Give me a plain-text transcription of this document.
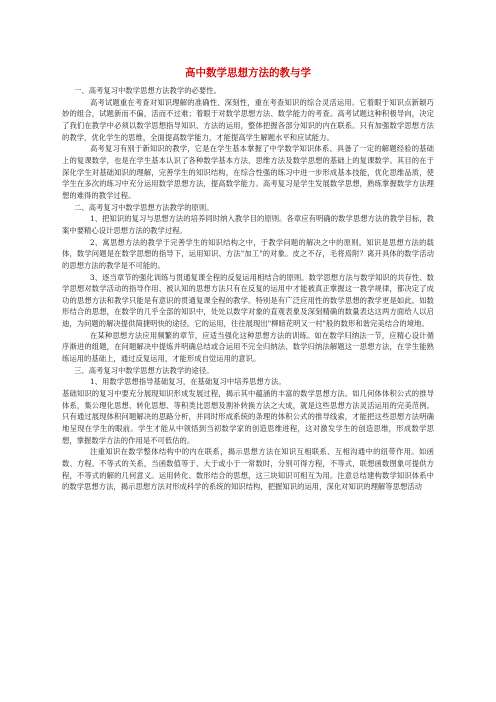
高中数学思想方法的教与学

一、高考复习中数学思想方法教学的必要性。

高考试题重在考查对知识理解的准确性、深刻性，重在考查知识的综合灵活运用。它着眼于知识点新颖巧妙的组合，试题新而不偏，活而不过难；着眼于对数学思想方法、数学能力的考查。高考试题这种积极导向，决定了我们在教学中必须以数学思想指导知识、方法的运用，整体把握各部分知识的内在联系。只有加强数学思想方法的教学，优化学生的思维，全面提高数学能力，才能提高学生解题水平和应试能力。

高考复习有别于新知识的教学，它是在学生基本掌握了中学数学知识体系、具备了一定的解题经验的基础上的复课数学，也是在学生基本认识了各种数学基本方法、思维方法及数学思想的基础上的复课数学。其目的在于深化学生对基础知识的理解，完善学生的知识结构，在综合性强的练习中进一步形成基本技能，优化思维品质，使学生在多次的练习中充分运用数学思想方法，提高数学能力。高考复习是学生发展数学思想，熟练掌握数学方法理想的难得的教学过程。

二、高考复习中数学思想方法教学的原则。

1、把知识的复习与思想方法的培养同时纳入教学目的原则。各章应有明确的数学思想方法的教学目标，教案中要精心设计思想方法的教学过程。

2、寓思想方法的教学于完善学生的知识结构之中，于教学问题的解决之中的原则。知识是思想方法的载体，数学问题是在数学思想的指导下，运用知识、方法"加工"的对象。皮之不存，毛将焉附？离开具体的数学活动的思想方法的教学是不可能的。

3、逐当章节的强化训练与贯通复课全程的反复运用相结合的原则。数学思想方法与数学知识的共存性、数学思想对数学活动的指导作用、被认知的思想方法只有在反复的运用中才能被真正掌握这一教学规律，都决定了成功的思想方法和教学只能是有意识的贯通复课全程的教学。特别是有广泛应用性的数学思想的教学更是如此。如数形结合的思想，在数学的几乎全部的知识中，处处以数学对象的直观表象及深刻精确的数量表达这两方面给人以启迪，为问题的解决提供简捷明快的途径。它的运用，往往展现出"柳暗花明又一村"般的数形和谐完美结合的境地。

在某种思想方法应用频繁的章节，应适当强化这种思想方法的训练。如在数学归纳法一节，应精心设计循序渐进的组题，在问题解决中提炼并明确总结或合运用不完全归纳法、数学归纳法解题这一思想方法，在学生能熟练运用的基础上，通过反复运用，才能形成自觉运用的意识。

三、高考复习中数学思想方法教学的途径。

1、用数学思想指导基础复习，在基础复习中培养思想方法。

基础知识的复习中要充分展现知识形成发展过程，揭示其中蕴涵的丰富的数学思想方法。如几何体体积公式的推导体系，集公理化思想、转化思想、等积类比思想及割补转换方法之大成，就是这些思想方法灵活运用的完美范例。只有通过展现体积问题解决的思路分析，并同时形成系统的条理的体积公式的推导线索，才能把这些思想方法明确地呈现在学生的眼前。学生才能从中领悟到当初数学家的创造思维进程，这对激发学生的创造思维，形成数学思想，掌握数学方法的作用是不可低估的。

注重知识在数学整体结构中的内在联系，揭示思想方法在知识互相联系、互相沟通中的纽带作用。如函数、方程、不等式的关系，当函数值等于、大于或小于一常数时，分别可得方程，不等式，联想函数图象可提供方程，不等式的解的几何意义。运用转化、数形结合的思想，这三块知识可相互为用。注意总结建构数学知识体系中的数学思想方法，揭示思想方法对形成科学的系统的知识结构，把握知识的运用，深化对知识的理解等思想活动
